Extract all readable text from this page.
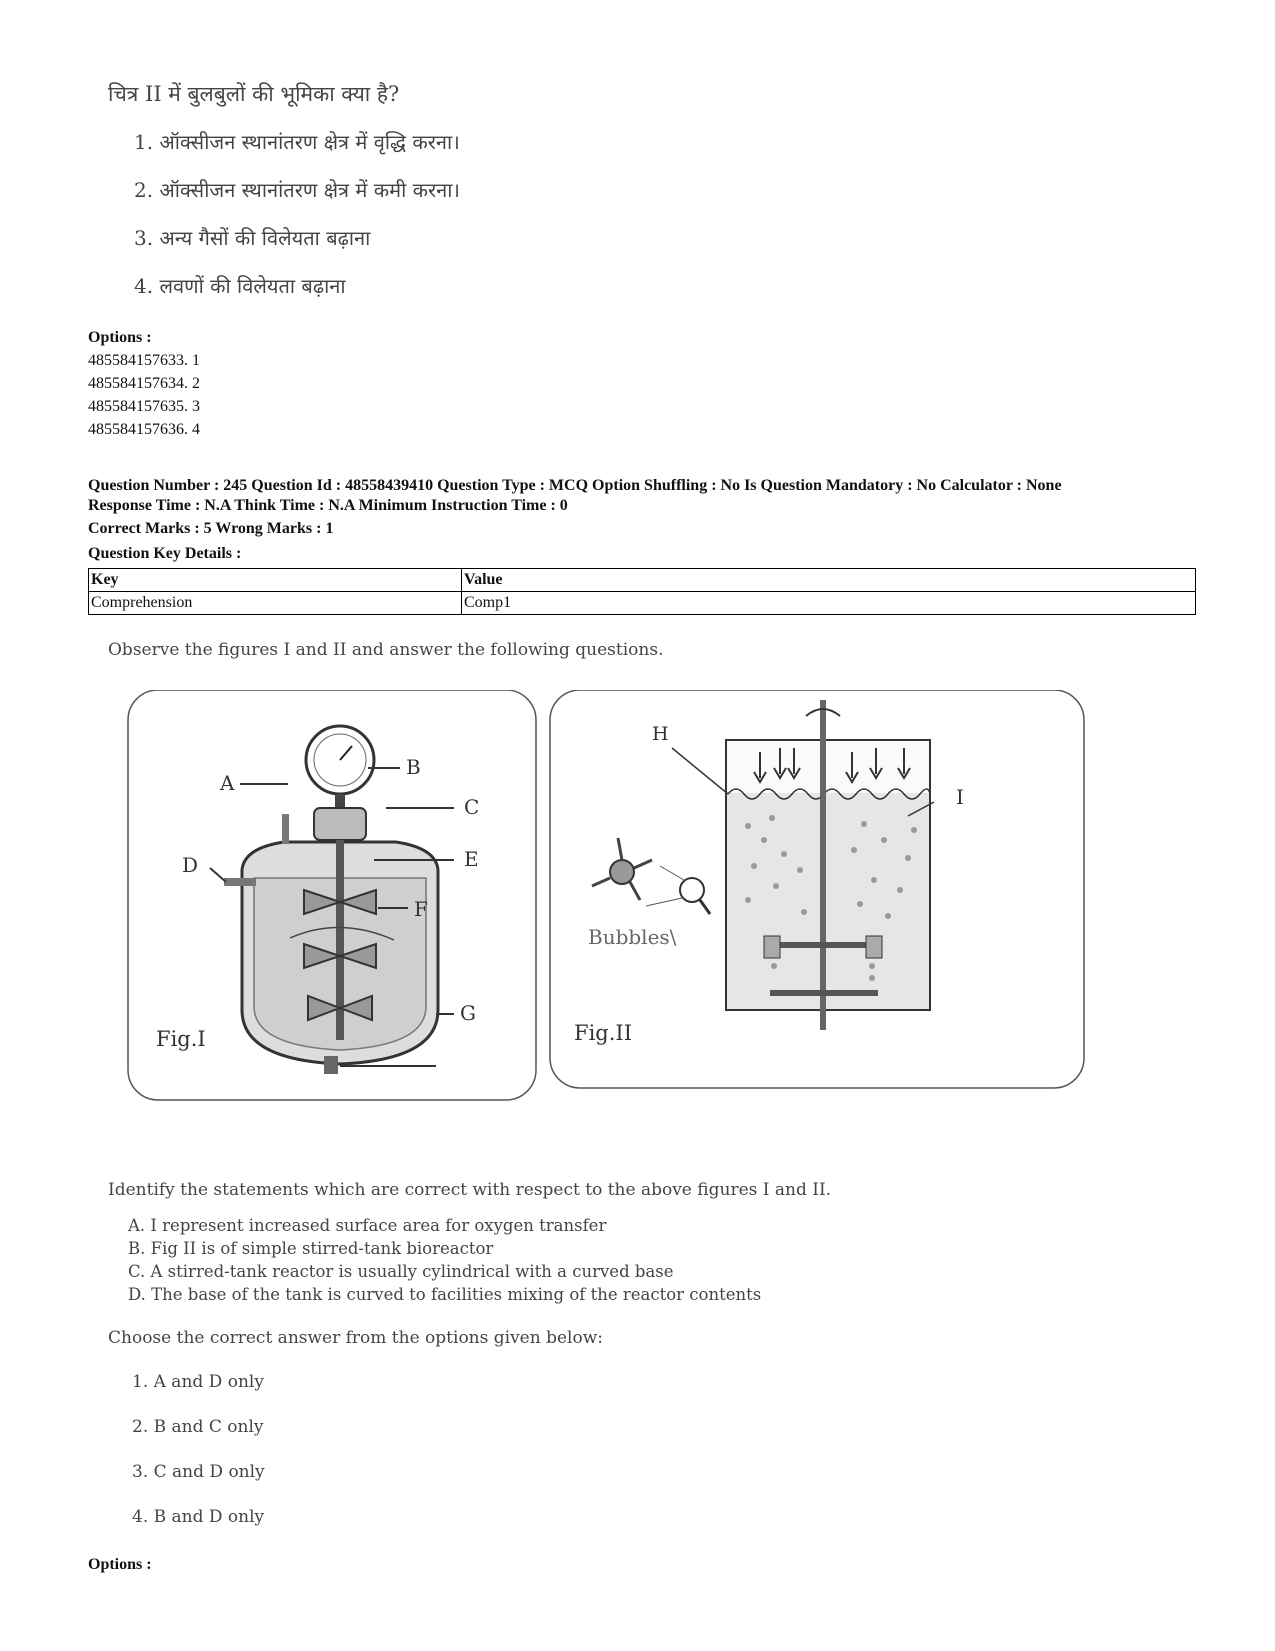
चित्र II में बुलबुलों की भूमिका क्या है?
1. ऑक्सीजन स्थानांतरण क्षेत्र में वृद्धि करना।
2. ऑक्सीजन स्थानांतरण क्षेत्र में कमी करना।
3. अन्य गैसों की विलेयता बढ़ाना
4. लवणों की विलेयता बढ़ाना
Options :
485584157633. 1
485584157634. 2
485584157635. 3
485584157636. 4
Question Number : 245 Question Id : 48558439410 Question Type : MCQ Option Shuffling : No Is Question Mandatory : No Calculator : None
Response Time : N.A Think Time : N.A Minimum Instruction Time : 0
Correct Marks : 5 Wrong Marks : 1
Question Key Details :
Key	Value
Comprehension	Comp1
Observe the figures I and II and answer the following questions.
A
B
C
D	E
F
G
Fig.I
H
I
Bubbles\
Fig.II
Identify the statements which are correct with respect to the above figures I and II.
A. I represent increased surface area for oxygen transfer
B. Fig II is of simple stirred-tank bioreactor
C. A stirred-tank reactor is usually cylindrical with a curved base
D. The base of the tank is curved to facilities mixing of the reactor contents
Choose the correct answer from the options given below:
1. A and D only
2. B and C only
3. C and D only
4. B and D only
Options :
